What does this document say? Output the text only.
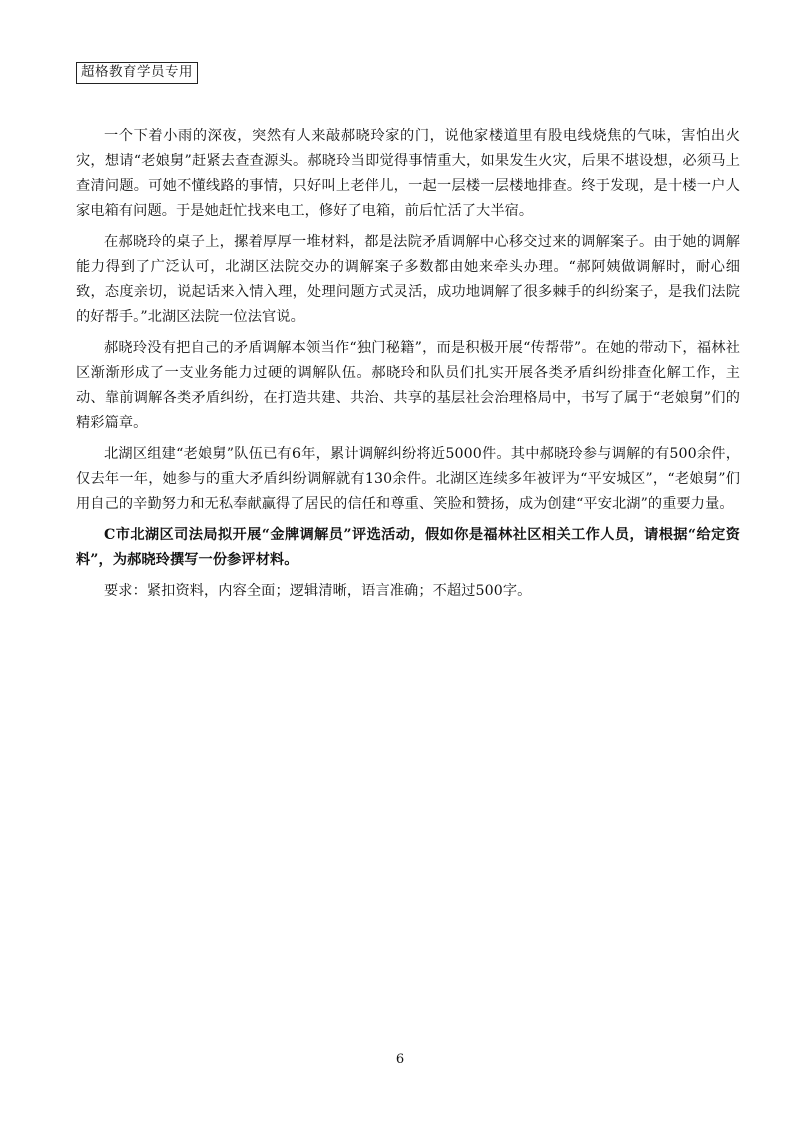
超格教育学员专用

一个下着小雨的深夜，突然有人来敲郝晓玲家的门，说他家楼道里有股电线烧焦的气味，害怕出火灾，想请“老娘舅”赶紧去查查源头。郝晓玲当即觉得事情重大，如果发生火灾，后果不堪设想，必须马上查清问题。可她不懂线路的事情，只好叫上老伴儿，一起一层楼一层楼地排查。终于发现，是十楼一户人家电箱有问题。于是她赶忙找来电工，修好了电箱，前后忙活了大半宿。

在郝晓玲的桌子上，摞着厚厚一堆材料，都是法院矛盾调解中心移交过来的调解案子。由于她的调解能力得到了广泛认可，北湖区法院交办的调解案子多数都由她来牵头办理。“郝阿姨做调解时，耐心细致，态度亲切，说起话来入情入理，处理问题方式灵活，成功地调解了很多棘手的纠纷案子，是我们法院的好帮手。”北湖区法院一位法官说。

郝晓玲没有把自己的矛盾调解本领当作“独门秘籍”，而是积极开展“传帮带”。在她的带动下，福林社区渐渐形成了一支业务能力过硬的调解队伍。郝晓玲和队员们扎实开展各类矛盾纠纷排查化解工作，主动、靠前调解各类矛盾纠纷，在打造共建、共治、共享的基层社会治理格局中，书写了属于“老娘舅”们的精彩篇章。

北湖区组建“老娘舅”队伍已有6年，累计调解纠纷将近5000件。其中郝晓玲参与调解的有500余件，仅去年一年，她参与的重大矛盾纠纷调解就有130余件。北湖区连续多年被评为“平安城区”，“老娘舅”们用自己的辛勤努力和无私奉献赢得了居民的信任和尊重、笑脸和赞扬，成为创建“平安北湖”的重要力量。

C市北湖区司法局拟开展“金牌调解员”评选活动，假如你是福林社区相关工作人员，请根据“给定资料”，为郝晓玲撰写一份参评材料。

要求：紧扣资料，内容全面；逻辑清晰，语言准确；不超过500字。

6
